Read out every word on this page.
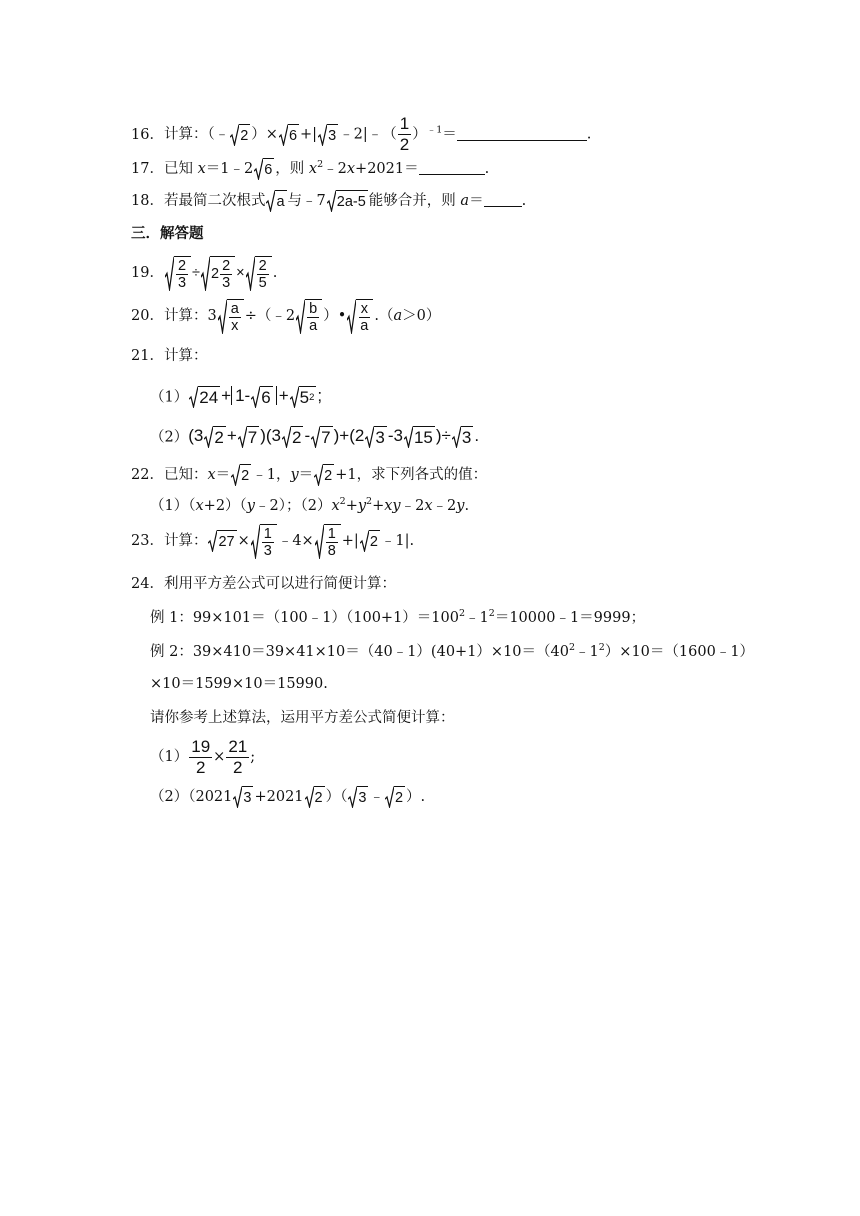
16．计算：（﹣ 2 ）× 6 +| 3 ﹣2|﹣（ $\frac{1}{2} )^{﹣1}=$	.
17．已知 x＝1﹣2 6 ，则 $x^2﹣2x+2021=$	.
18．若最简二次根式 a 与﹣7 2a-5 能够合并，则 a＝	.
三．解答题
19． $\frac{2}{3} \div 2 \frac{2}{3} \times \frac{2}{5}$ .
20． 计算：$3 \frac{a}{x}$ ÷（﹣2 $\frac{b}{a}$ ）• $\frac{x}{a}$ .（ a ＞0）
21．计算：
（1） 24 + 1- 6 + 5 2 ;
（2）(3 2 + 7 )(3 2 - 7 )+(2 3 -3 15 )÷ 3 .
22．已知：x＝ 2 ﹣1，y＝ 2 +1，求下列各式的值：
（1）（x+2）（y﹣2）；$(2)x^2+y^2+xy﹣2x﹣2y$.
23． 计算： $27 \times \frac{1}{3}$ ﹣4× $\frac{1}{8}$ +| 2 ﹣1|.
24．利用平方差公式可以进行简便计算：
例 1：$99\times 101=(100﹣1)(100+1)=100^2﹣1^2=10000﹣1=9999$；
例 2：$39\times 410=39\times 41\times 10=(40﹣1)(40+1)\times 10=(40^2﹣1^2)\times 10=(1600﹣1)$
×10＝1599×10＝15990.
请你参考上述算法，运用平方差公式简便计算：
$(1) \frac{19}{2} \times \frac{21}{2}$ ;
（2）（2021 3 +2021 2 ）（ 3 ﹣ 2 ）.
